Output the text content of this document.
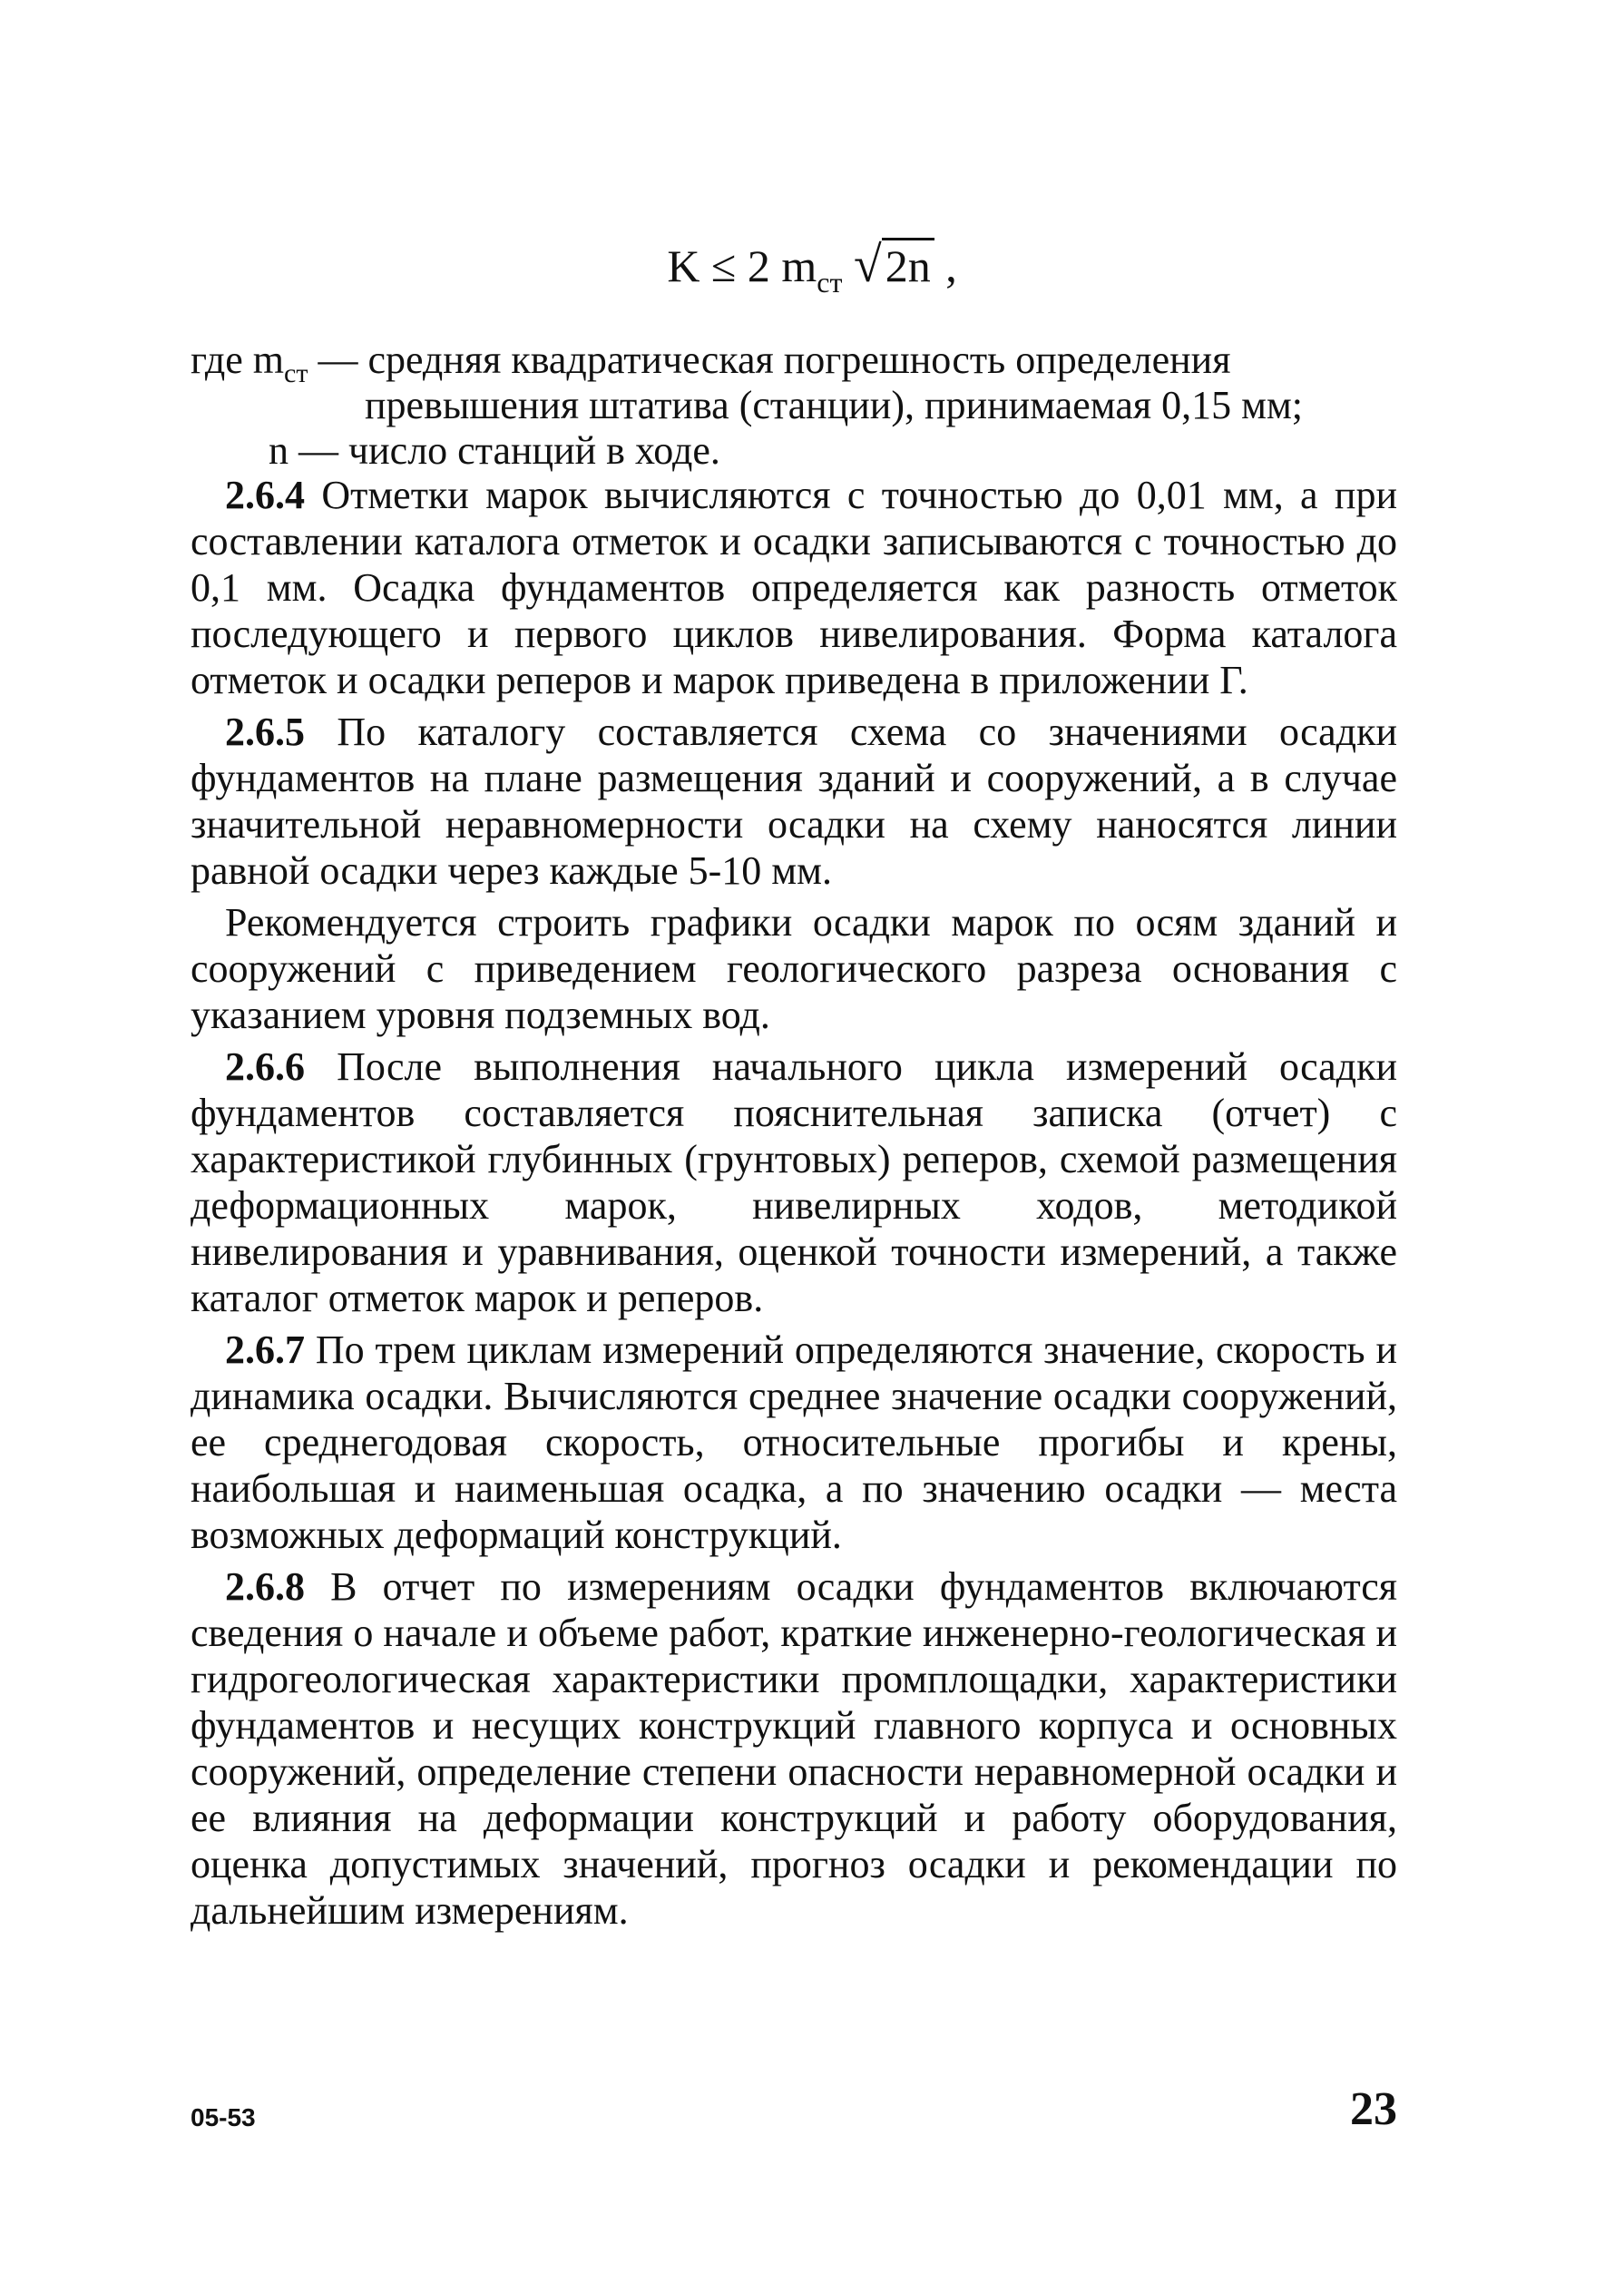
K ≤ 2 $m_{ст}$ √2n ,
где $m_{ст}$ — средняя квадратическая погрешность определения
превышения штатива (станции), принимаемая 0,15 мм;
n — число станций в ходе.

2.6.4 Отметки марок вычисляются с точностью до 0,01 мм, а при составлении каталога отметок и осадки записываются с точностью до 0,1 мм. Осадка фундаментов определяется как разность отметок последующего и первого циклов нивелирования. Форма каталога отметок и осадки реперов и марок приведена в приложении Г.

2.6.5 По каталогу составляется схема со значениями осадки фундаментов на плане размещения зданий и сооружений, а в случае значительной неравномерности осадки на схему наносятся линии равной осадки через каждые 5-10 мм.

Рекомендуется строить графики осадки марок по осям зданий и сооружений с приведением геологического разреза основания с указанием уровня подземных вод.

2.6.6 После выполнения начального цикла измерений осадки фундаментов составляется пояснительная записка (отчет) с характеристикой глубинных (грунтовых) реперов, схемой размещения деформационных марок, нивелирных ходов, методикой нивелирования и уравнивания, оценкой точности измерений, а также каталог отметок марок и реперов.

2.6.7 По трем циклам измерений определяются значение, скорость и динамика осадки. Вычисляются среднее значение осадки сооружений, ее среднегодовая скорость, относительные прогибы и крены, наибольшая и наименьшая осадка, а по значению осадки — места возможных деформаций конструкций.

2.6.8 В отчет по измерениям осадки фундаментов включаются сведения о начале и объеме работ, краткие инженерно-геологическая и гидрогеологическая характеристики промплощадки, характеристики фундаментов и несущих конструкций главного корпуса и основных сооружений, определение степени опасности неравномерной осадки и ее влияния на деформации конструкций и работу оборудования, оценка допустимых значений, прогноз осадки и рекомендации по дальнейшим измерениям.

05-53	23
